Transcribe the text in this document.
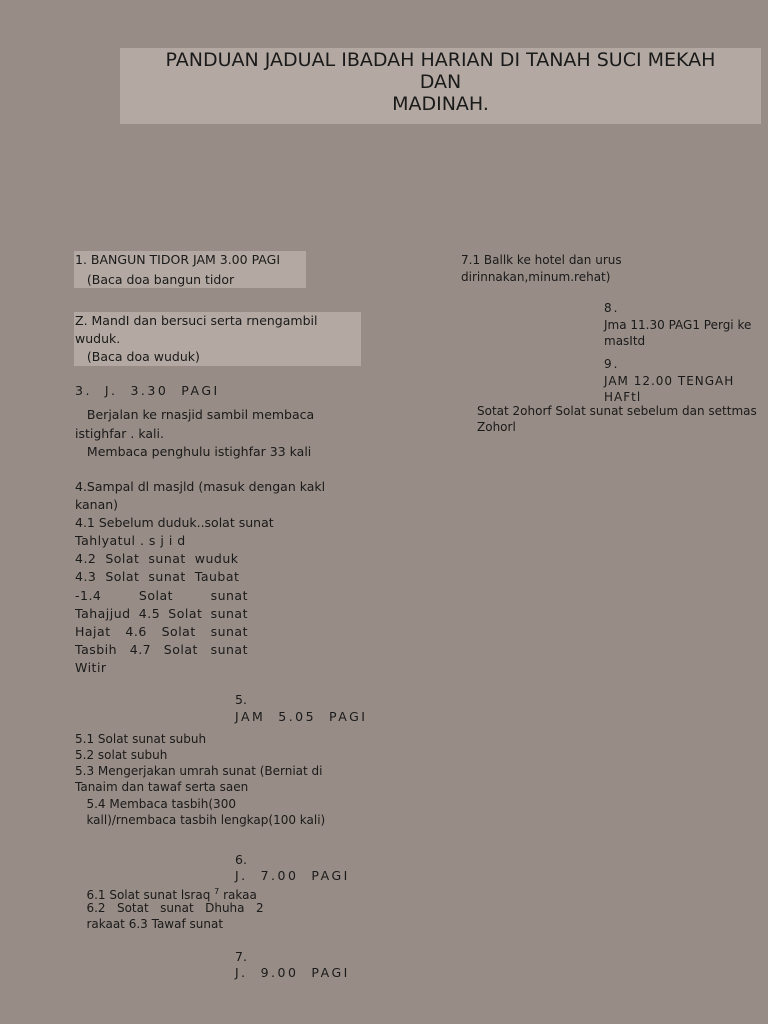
PANDUAN JADUAL IBADAH HARIAN DI TANAH SUCI MEKAH
DAN
MADINAH.
1. BANGUN TIDOR JAM 3.00 PAGI
(Baca doa bangun tidor
Z. MandI dan bersuci serta rnengambil
wuduk.
(Baca doa wuduk)
3.  J.  3.30  PAGI
Berjalan ke rnasjid sambil membaca
istighfar . kali.
Membaca penghulu istighfar 33 kali
4.Sampal dl masjld (masuk dengan kakl
kanan)
4.1 Sebelum duduk..solat sunat
Tahlyatul . s j i d
4.2  Solat  sunat  wuduk
4.3  Solat  sunat  Taubat
-1.4 Solat sunat Tahajjud 4.5 Solat sunat Hajat 4.6 Solat sunat Tasbih 4.7 Solat sunat Witir
5.
JAM  5.05  PAGI
5.1 Solat sunat subuh
5.2 solat subuh
5.3 Mengerjakan umrah sunat (Berniat di
Tanaim dan tawaf serta saen
5.4 Membaca tasbih(300
kall)/rnembaca tasbih lengkap(100 kali)
6.
J.  7.00  PAGI
6.1 Solat sunat lsraq $^7$ rakaa
6.2   Sotat   sunat   Dhuha   2
rakaat 6.3 Tawaf sunat
7.
J.  9.00  PAGI
7.1 Ballk ke hotel dan urus
dirinnakan,minum.rehat)
8.
Jma 11.30 PAG1 Pergi ke
masItd
9.
JAM 12.00 TENGAH
HAFtl
Sotat 2ohorf Solat sunat sebelum dan settmas
Zohorl
